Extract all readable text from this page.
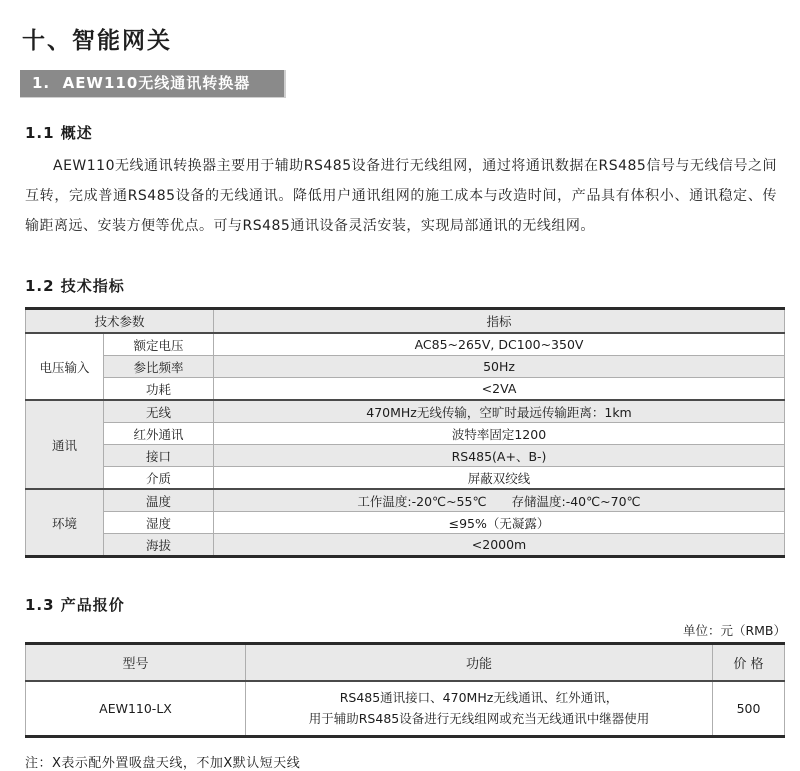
十、智能网关
1.  AEW110无线通讯转换器
1.1 概述

AEW110无线通讯转换器主要用于辅助RS485设备进行无线组网，通过将通讯数据在RS485信号与无线信号之间互转，完成普通RS485设备的无线通讯。降低用户通讯组网的施工成本与改造时间，产品具有体积小、通讯稳定、传输距离远、安装方便等优点。可与RS485通讯设备灵活安装，实现局部通讯的无线组网。

1.2 技术指标
技术参数		指标
电压输入	额定电压	AC85~265V, DC100~350V
	参比频率	50Hz
	功耗	<2VA
通讯	无线	470MHz无线传输，空旷时最远传输距离：1km
	红外通讯	波特率固定1200
	接口	RS485(A+、B-)
	介质	屏蔽双绞线
环境	温度	工作温度:-20℃~55℃　　存储温度:-40℃~70℃
	湿度	≤95%（无凝露）
	海拔	<2000m
1.3 产品报价
单位：元（RMB）
型号	功能	价 格
AEW110-LX	RS485通讯接口、470MHz无线通讯、红外通讯，
用于辅助RS485设备进行无线组网或充当无线通讯中继器使用	500
注：X表示配外置吸盘天线，不加X默认短天线
